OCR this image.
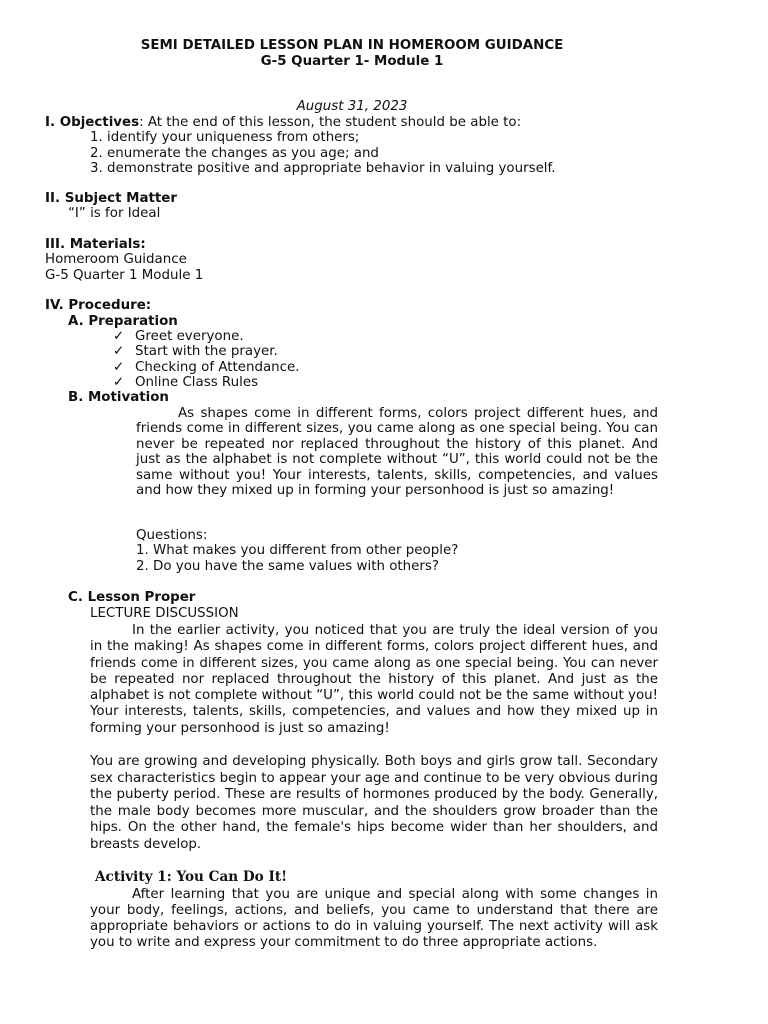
SEMI DETAILED LESSON PLAN IN HOMEROOM GUIDANCE
G-5 Quarter 1- Module 1
August 31, 2023
I. Objectives: At the end of this lesson, the student should be able to:
1. identify your uniqueness from others;
2. enumerate the changes as you age; and
3. demonstrate positive and appropriate behavior in valuing yourself.
II. Subject Matter
“I” is for Ideal
III. Materials:
Homeroom Guidance
G-5 Quarter 1 Module 1
IV. Procedure:
A. Preparation
✓ Greet everyone.
✓ Start with the prayer.
✓ Checking of Attendance.
✓ Online Class Rules
B. Motivation
As shapes come in different forms, colors project different hues, and friends come in different sizes, you came along as one special being. You can never be repeated nor replaced throughout the history of this planet. And just as the alphabet is not complete without “U”, this world could not be the same without you! Your interests, talents, skills, competencies, and values and how they mixed up in forming your personhood is just so amazing!
Questions:
1. What makes you different from other people?
2. Do you have the same values with others?
C. Lesson Proper
LECTURE DISCUSSION
In the earlier activity, you noticed that you are truly the ideal version of you in the making! As shapes come in different forms, colors project different hues, and friends come in different sizes, you came along as one special being. You can never be repeated nor replaced throughout the history of this planet. And just as the alphabet is not complete without “U”, this world could not be the same without you! Your interests, talents, skills, competencies, and values and how they mixed up in forming your personhood is just so amazing!
You are growing and developing physically. Both boys and girls grow tall. Secondary sex characteristics begin to appear your age and continue to be very obvious during the puberty period. These are results of hormones produced by the body. Generally, the male body becomes more muscular, and the shoulders grow broader than the hips. On the other hand, the female's hips become wider than her shoulders, and breasts develop.
Activity 1: You Can Do It!
After learning that you are unique and special along with some changes in your body, feelings, actions, and beliefs, you came to understand that there are appropriate behaviors or actions to do in valuing yourself. The next activity will ask you to write and express your commitment to do three appropriate actions.
